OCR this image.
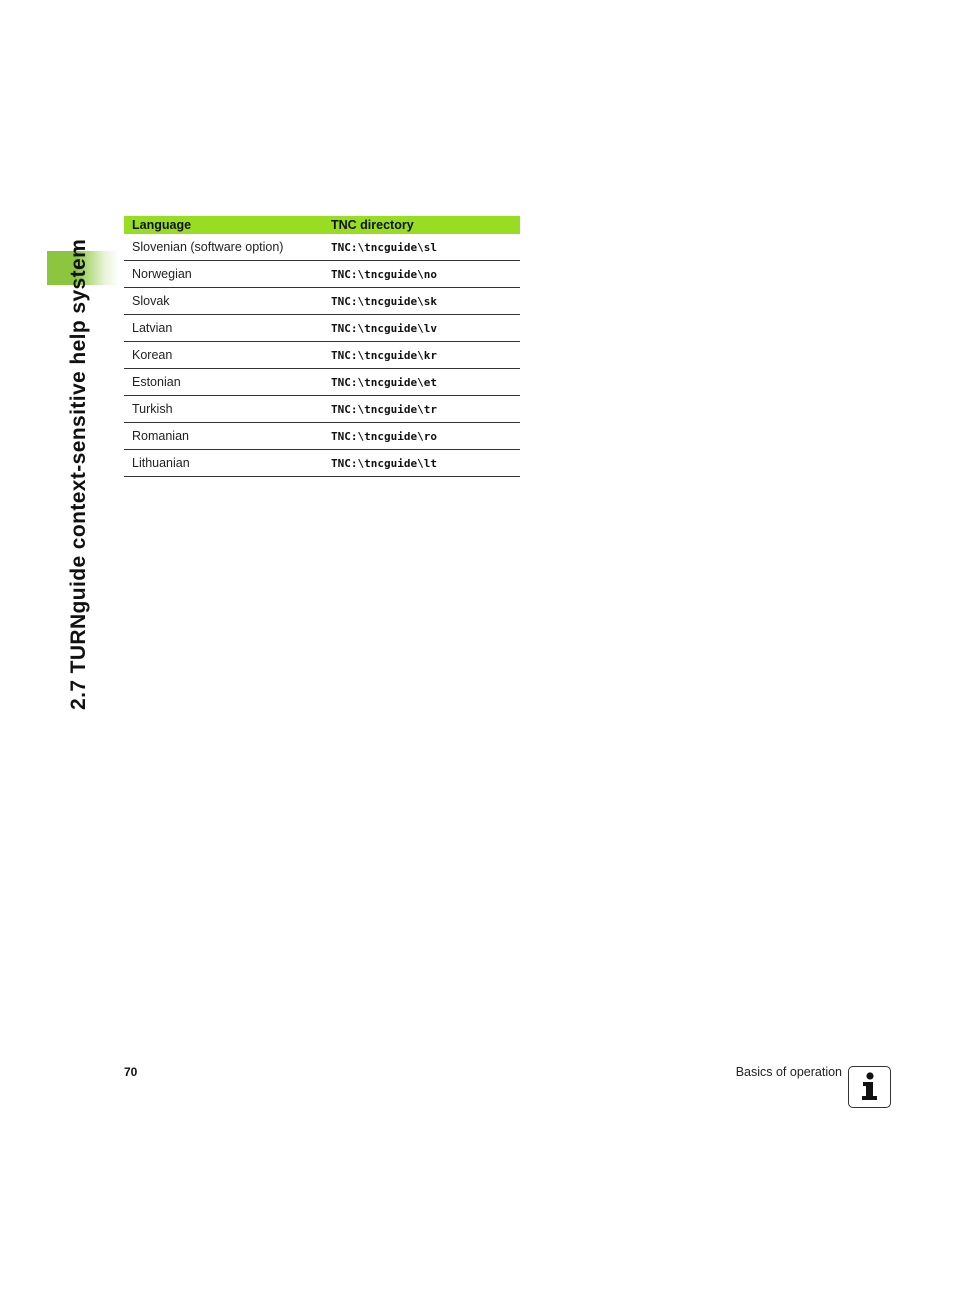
2.7 TURNguide context-sensitive help system
Language	TNC directory
Slovenian (software option)	TNC:\tncguide\sl
Norwegian	TNC:\tncguide\no
Slovak	TNC:\tncguide\sk
Latvian	TNC:\tncguide\lv
Korean	TNC:\tncguide\kr
Estonian	TNC:\tncguide\et
Turkish	TNC:\tncguide\tr
Romanian	TNC:\tncguide\ro
Lithuanian	TNC:\tncguide\lt
70	Basics of operation
